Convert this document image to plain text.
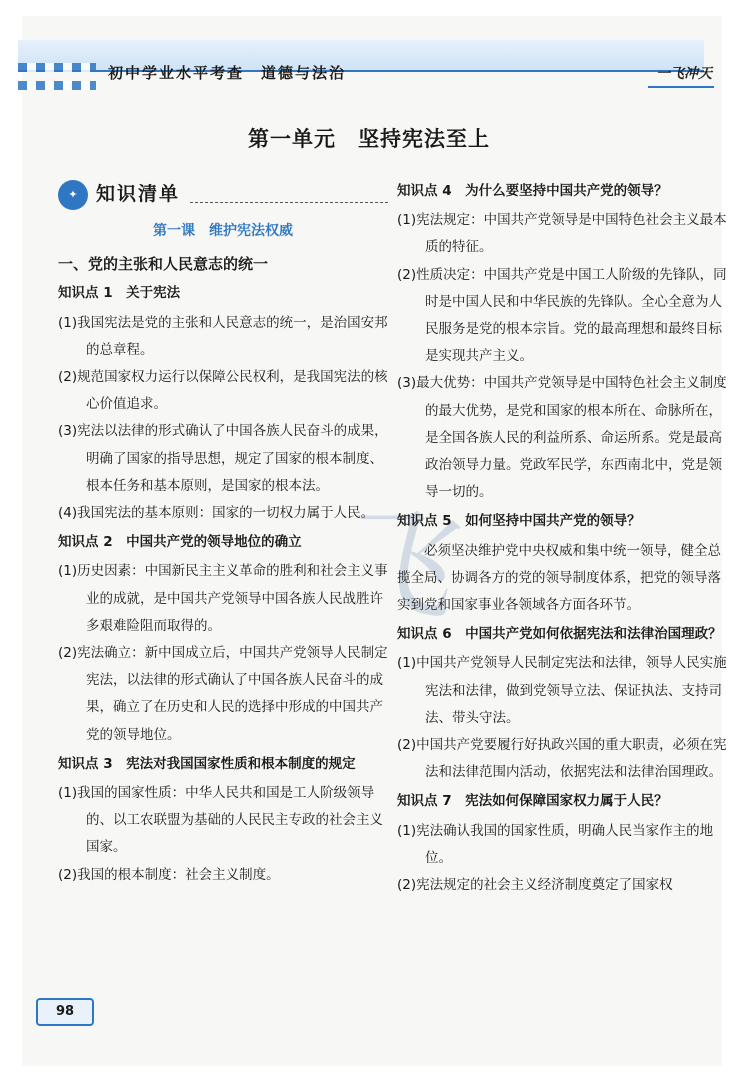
初中学业水平考查　道德与法治	一飞冲天
第一单元　坚持宪法至上
飞
✦ 知识清单
第一课　维护宪法权威

一、党的主张和人民意志的统一

知识点 1　关于宪法

(1)我国宪法是党的主张和人民意志的统一，是治国安邦的总章程。

(2)规范国家权力运行以保障公民权利，是我国宪法的核心价值追求。

(3)宪法以法律的形式确认了中国各族人民奋斗的成果，明确了国家的指导思想，规定了国家的根本制度、根本任务和基本原则，是国家的根本法。

(4)我国宪法的基本原则：国家的一切权力属于人民。

知识点 2　中国共产党的领导地位的确立

(1)历史因素：中国新民主主义革命的胜利和社会主义事业的成就，是中国共产党领导中国各族人民战胜许多艰难险阻而取得的。

(2)宪法确立：新中国成立后，中国共产党领导人民制定宪法，以法律的形式确认了中国各族人民奋斗的成果，确立了在历史和人民的选择中形成的中国共产党的领导地位。

知识点 3　宪法对我国国家性质和根本制度的规定

(1)我国的国家性质：中华人民共和国是工人阶级领导的、以工农联盟为基础的人民民主专政的社会主义国家。

(2)我国的根本制度：社会主义制度。

知识点 4　为什么要坚持中国共产党的领导？

(1)宪法规定：中国共产党领导是中国特色社会主义最本质的特征。

(2)性质决定：中国共产党是中国工人阶级的先锋队，同时是中国人民和中华民族的先锋队。全心全意为人民服务是党的根本宗旨。党的最高理想和最终目标是实现共产主义。

(3)最大优势：中国共产党领导是中国特色社会主义制度的最大优势，是党和国家的根本所在、命脉所在，是全国各族人民的利益所系、命运所系。党是最高政治领导力量。党政军民学，东西南北中，党是领导一切的。

知识点 5　如何坚持中国共产党的领导？

必须坚决维护党中央权威和集中统一领导，健全总揽全局、协调各方的党的领导制度体系，把党的领导落实到党和国家事业各领域各方面各环节。

知识点 6　中国共产党如何依据宪法和法律治国理政？

(1)中国共产党领导人民制定宪法和法律，领导人民实施宪法和法律，做到党领导立法、保证执法、支持司法、带头守法。

(2)中国共产党要履行好执政兴国的重大职责，必须在宪法和法律范围内活动，依据宪法和法律治国理政。

知识点 7　宪法如何保障国家权力属于人民？

(1)宪法确认我国的国家性质，明确人民当家作主的地位。

(2)宪法规定的社会主义经济制度奠定了国家权

98
